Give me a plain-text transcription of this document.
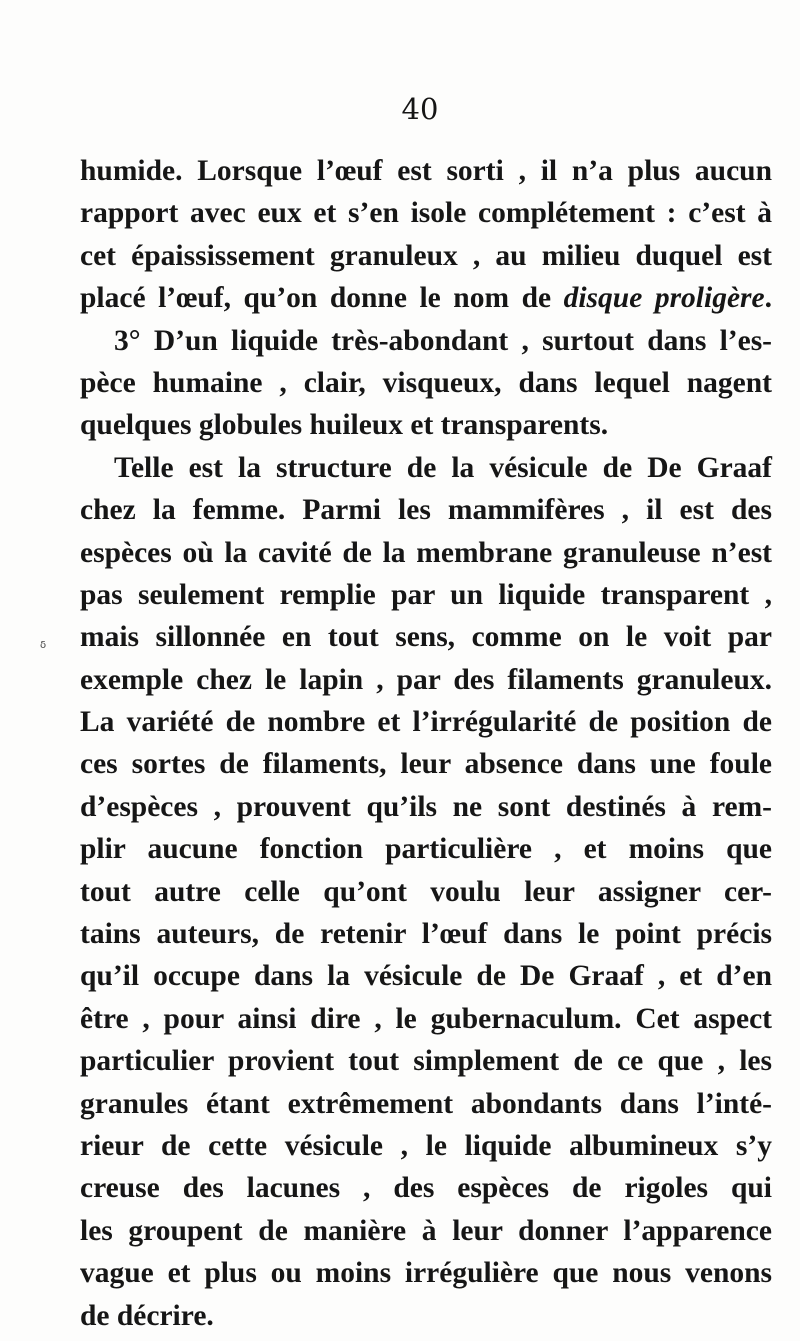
40
δ
humide. Lorsque l’œuf est sorti , il n’a plus aucun
rapport avec eux et s’en isole complétement : c’est à
cet épaississement granuleux , au milieu duquel est
placé l’œuf, qu’on donne le nom de disque proligère.
3° D’un liquide très-abondant , surtout dans l’es-
pèce humaine , clair, visqueux, dans lequel nagent
quelques globules huileux et transparents.
Telle est la structure de la vésicule de De Graaf
chez la femme. Parmi les mammifères , il est des
espèces où la cavité de la membrane granuleuse n’est
pas seulement remplie par un liquide transparent ,
mais sillonnée en tout sens, comme on le voit par
exemple chez le lapin , par des filaments granuleux.
La variété de nombre et l’irrégularité de position de
ces sortes de filaments, leur absence dans une foule
d’espèces , prouvent qu’ils ne sont destinés à rem-
plir aucune fonction particulière , et moins que
tout autre celle qu’ont voulu leur assigner cer-
tains auteurs, de retenir l’œuf dans le point précis
qu’il occupe dans la vésicule de De Graaf , et d’en
être , pour ainsi dire , le gubernaculum. Cet aspect
particulier provient tout simplement de ce que , les
granules étant extrêmement abondants dans l’inté-
rieur de cette vésicule , le liquide albumineux s’y
creuse des lacunes , des espèces de rigoles qui
les groupent de manière à leur donner l’apparence
vague et plus ou moins irrégulière que nous venons
de décrire.
